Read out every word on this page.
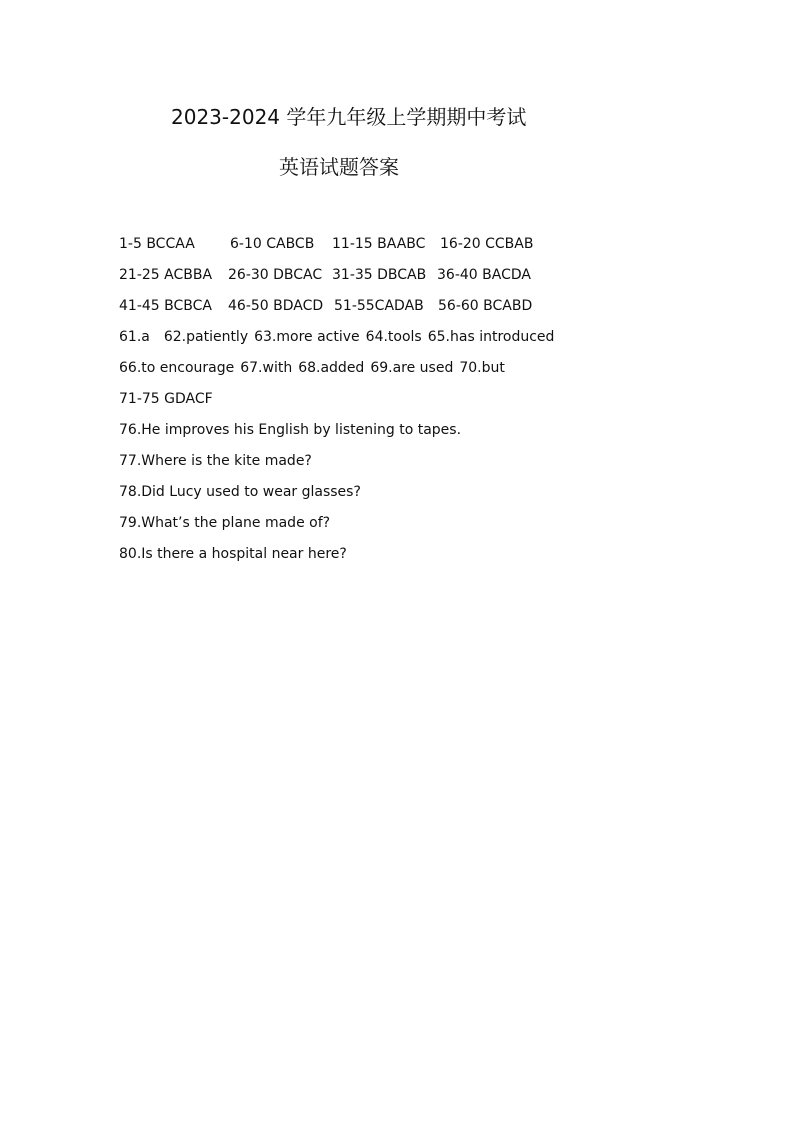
2023-2024 学年九年级上学期期中考试
英语试题答案
1-5 BCCAA	6-10 CABCB 11-15 BAABC 16-20 CCBAB
21-25 ACBBA 26-30 DBCAC 31-35 DBCAB 36-40 BACDA
41-45 BCBCA 46-50 BDACD 51-55CADAB 56-60 BCABD
61.a 62.patiently 63.more active 64.tools 65.has introduced
66.to encourage 67.with 68.added 69.are used 70.but
71-75 GDACF
76.He improves his English by listening to tapes.
77.Where is the kite made?
78.Did Lucy used to wear glasses?
79.What’s the plane made of?
80.Is there a hospital near here?
